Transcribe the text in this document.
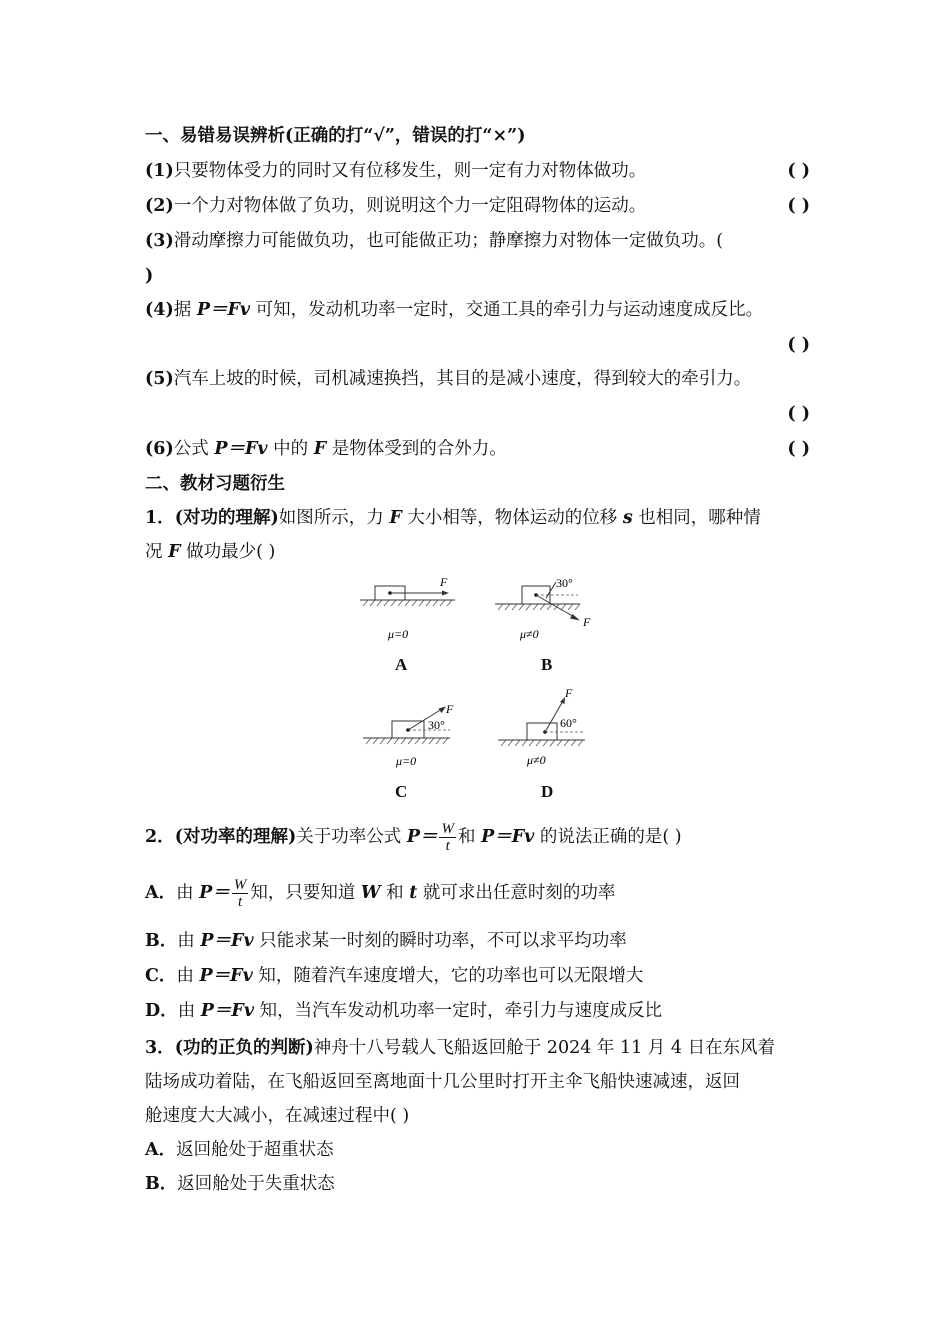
一、易错易误辨析(正确的打“√”，错误的打“×”)
(1)只要物体受力的同时又有位移发生，则一定有力对物体做功。	( )
(2)一个力对物体做了负功，则说明这个力一定阻碍物体的运动。	( )
(3)滑动摩擦力可能做负功，也可能做正功；静摩擦力对物体一定做负功。(
)
(4)据 P＝Fv 可知，发动机功率一定时，交通工具的牵引力与运动速度成反比。
( )
(5)汽车上坡的时候，司机减速换挡，其目的是减小速度，得到较大的牵引力。
( )
(6)公式 P＝Fv 中的 F 是物体受到的合外力。	( )
二、教材习题衍生
1．(对功的理解)如图所示，力 F 大小相等，物体运动的位移 s 也相同，哪种情
况 F 做功最少( )
F
μ=0
A
30°
F
μ≠0
B
30°
F
μ=0
C
60°
F
μ≠0
D
2．(对功率的理解)关于功率公式 $P= \frac{W}{t}$ 和 P＝Fv 的说法正确的是( )
A．由 $P= \frac{W}{t}$ 知，只要知道 W 和 t 就可求出任意时刻的功率
B．由 P＝Fv 只能求某一时刻的瞬时功率，不可以求平均功率
C．由 P＝Fv 知，随着汽车速度增大，它的功率也可以无限增大
D．由 P＝Fv 知，当汽车发动机功率一定时，牵引力与速度成反比
3．(功的正负的判断)神舟十八号载人飞船返回舱于 2024 年 11 月 4 日在东风着
陆场成功着陆，在飞船返回至离地面十几公里时打开主伞飞船快速减速，返回
舱速度大大减小，在减速过程中( )
A．返回舱处于超重状态
B．返回舱处于失重状态
